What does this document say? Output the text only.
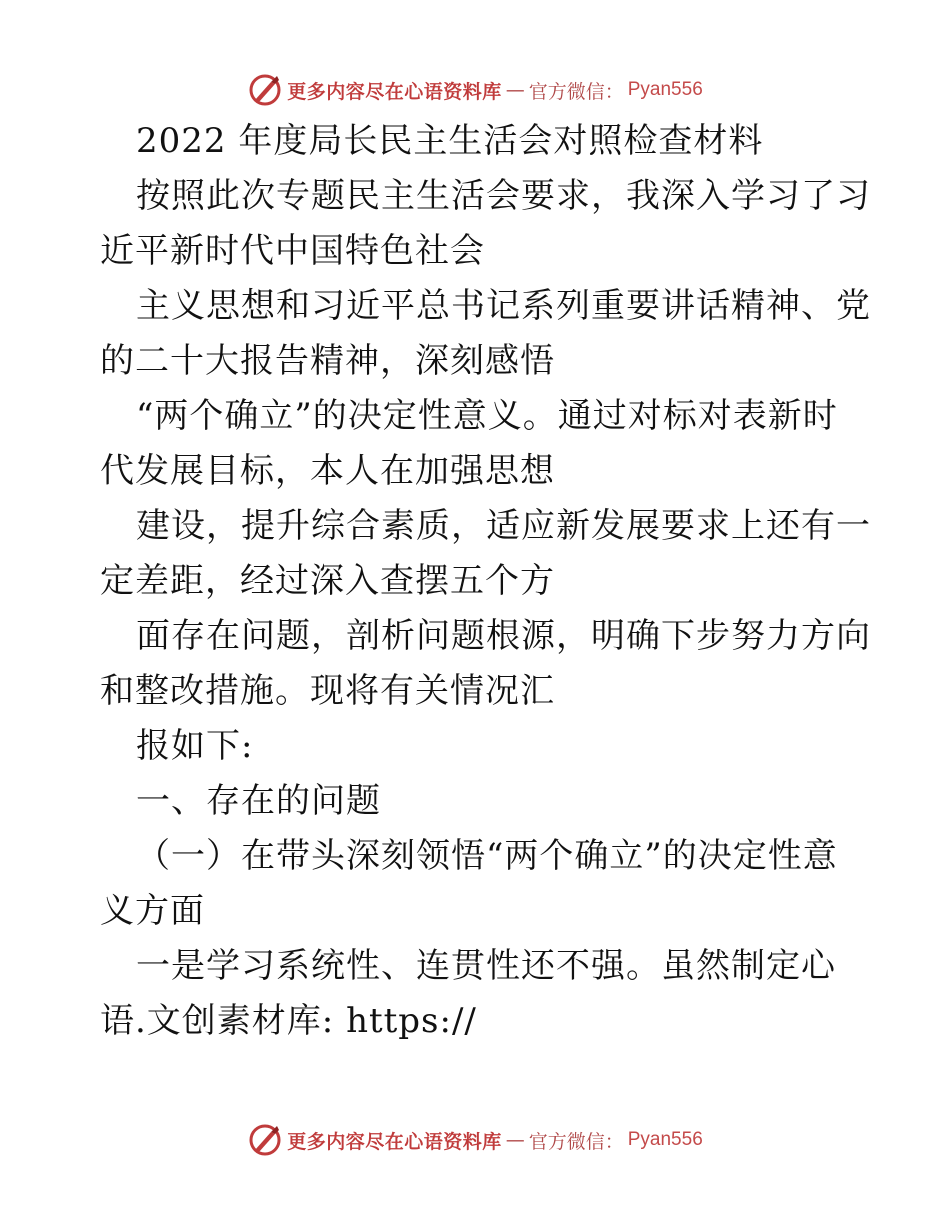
更多内容尽在心语资料库 — 官方微信： Pyan556
2022 年度局长民主生活会对照检查材料
按照此次专题民主生活会要求，我深入学习了习
近平新时代中国特色社会
主义思想和习近平总书记系列重要讲话精神、党
的二十大报告精神，深刻感悟
“两个确立”的决定性意义。通过对标对表新时
代发展目标，本人在加强思想
建设，提升综合素质，适应新发展要求上还有一
定差距，经过深入查摆五个方
面存在问题，剖析问题根源，明确下步努力方向
和整改措施。现将有关情况汇
报如下:
一、存在的问题
（一）在带头深刻领悟“两个确立”的决定性意
义方面
一是学习系统性、连贯性还不强。虽然制定心
语.文创素材库: https://
更多内容尽在心语资料库 — 官方微信： Pyan556
